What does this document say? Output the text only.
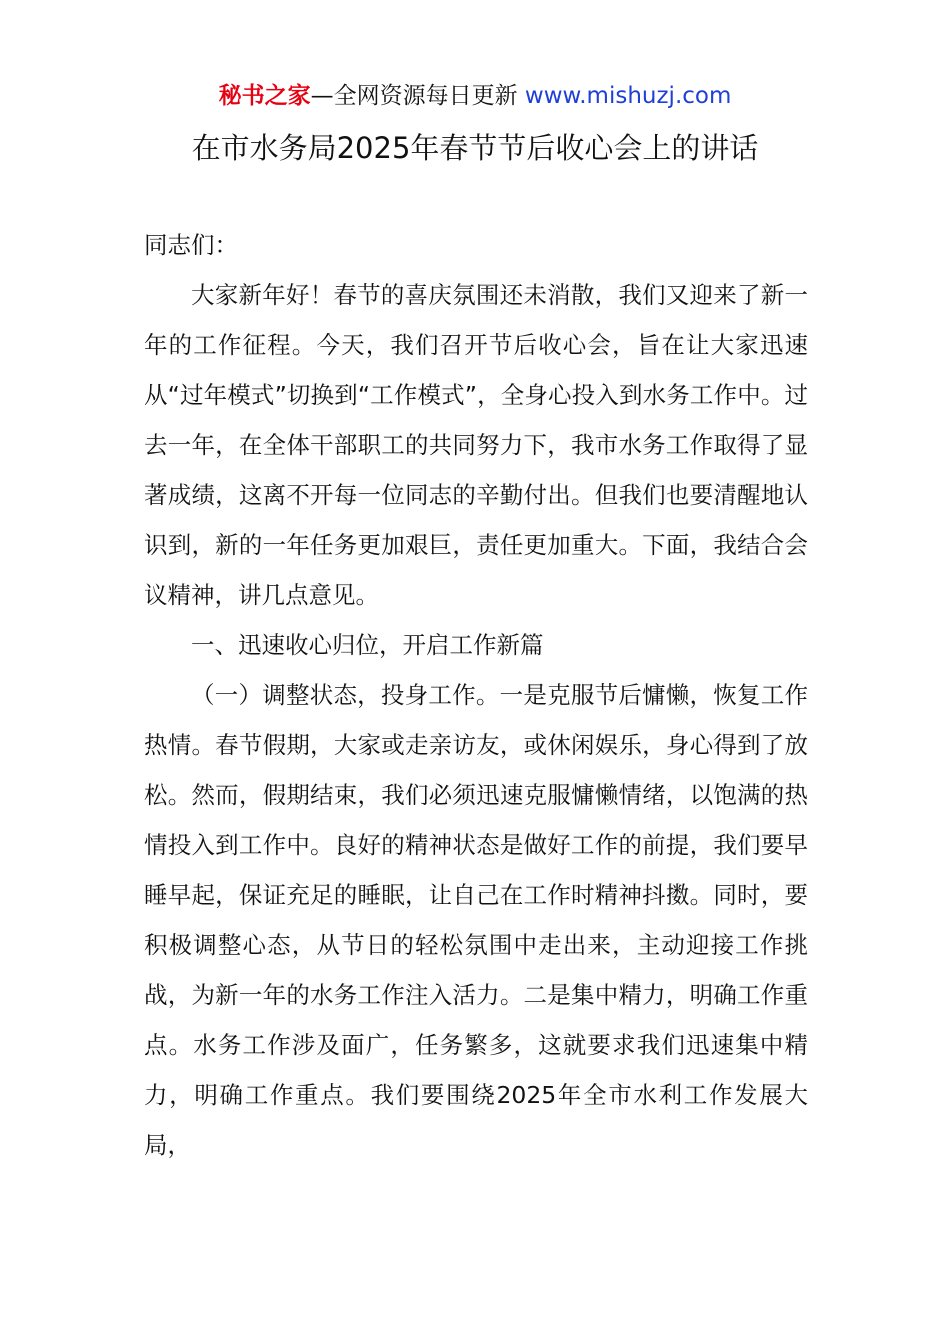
秘书之家—全网资源每日更新 www.mishuzj.com
在市水务局2025年春节节后收心会上的讲话

同志们：

大家新年好！春节的喜庆氛围还未消散，我们又迎来了新一年的工作征程。今天，我们召开节后收心会，旨在让大家迅速从“过年模式”切换到“工作模式”，全身心投入到水务工作中。过去一年，在全体干部职工的共同努力下，我市水务工作取得了显著成绩，这离不开每一位同志的辛勤付出。但我们也要清醒地认识到，新的一年任务更加艰巨，责任更加重大。下面，我结合会议精神，讲几点意见。

一、迅速收心归位，开启工作新篇

（一）调整状态，投身工作。一是克服节后慵懒，恢复工作热情。春节假期，大家或走亲访友，或休闲娱乐，身心得到了放松。然而，假期结束，我们必须迅速克服慵懒情绪，以饱满的热情投入到工作中。良好的精神状态是做好工作的前提，我们要早睡早起，保证充足的睡眠，让自己在工作时精神抖擞。同时，要积极调整心态，从节日的轻松氛围中走出来，主动迎接工作挑战，为新一年的水务工作注入活力。二是集中精力，明确工作重点。水务工作涉及面广，任务繁多，这就要求我们迅速集中精力，明确工作重点。我们要围绕2025年全市水利工作发展大局，
